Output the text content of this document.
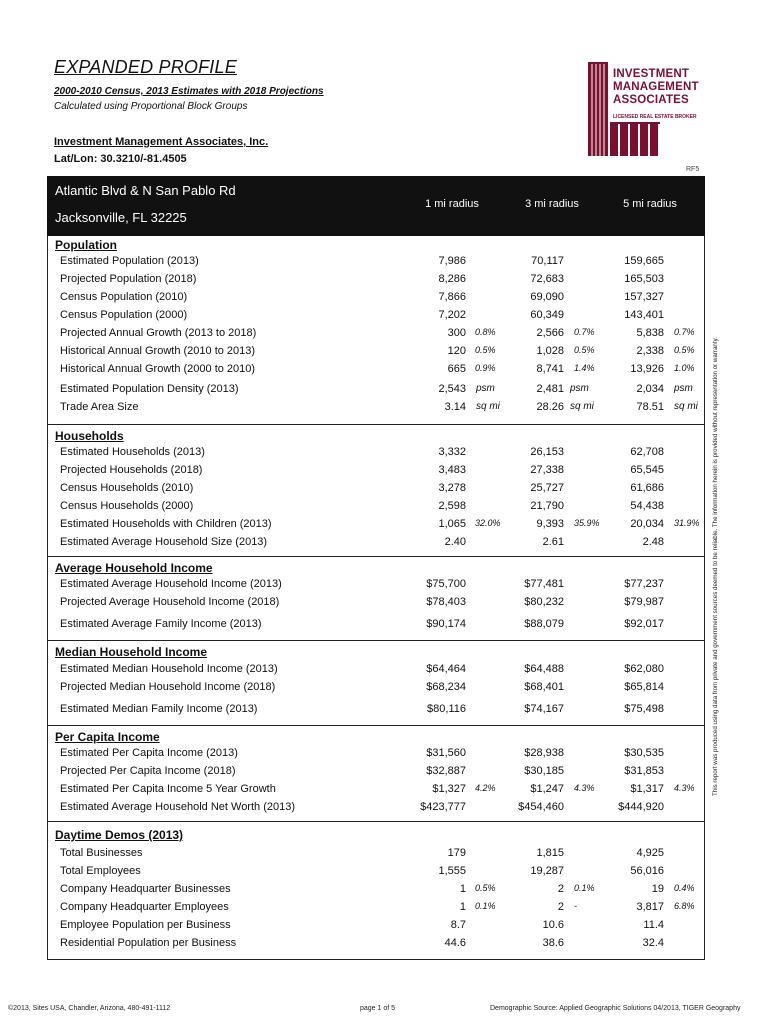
EXPANDED PROFILE
2000-2010 Census, 2013 Estimates with 2018 Projections
Calculated using Proportional Block Groups
Investment Management Associates, Inc.
Lat/Lon: 30.3210/-81.4505
RF5
INVESTMENT
MANAGEMENT
ASSOCIATES
LICENSED REAL ESTATE BROKER
Atlantic Blvd & N San Pablo Rd
Jacksonville, FL 32225
1 mi radius	3 mi radius	5 mi radius
Population
Estimated Population (2013)	7,986	70,117	159,665
Projected Population (2018)	8,286	72,683	165,503
Census Population (2010)	7,866	69,090	157,327
Census Population (2000)	7,202	60,349	143,401
Projected Annual Growth (2013 to 2018)	300 0.8%	2,566 0.7%	5,838 0.7%
Historical Annual Growth (2010 to 2013)	120 0.5%	1,028 0.5%	2,338 0.5%
Historical Annual Growth (2000 to 2010)	665 0.9%	8,741 1.4%	13,926 1.0%
Estimated Population Density (2013)	2,543 psm	2,481 psm	2,034 psm
Trade Area Size	3.14 sq mi	28.26 sq mi	78.51 sq mi
Households
Estimated Households (2013)	3,332	26,153	62,708
Projected Households (2018)	3,483	27,338	65,545
Census Households (2010)	3,278	25,727	61,686
Census Households (2000)	2,598	21,790	54,438
Estimated Households with Children (2013)	1,065 32.0%	9,393 35.9%	20,034 31.9%
Estimated Average Household Size (2013)	2.40	2.61	2.48
Average Household Income
Estimated Average Household Income (2013)	$75,700	$77,481	$77,237
Projected Average Household Income (2018)	$78,403	$80,232	$79,987
Estimated Average Family Income (2013)	$90,174	$88,079	$92,017
Median Household Income
Estimated Median Household Income (2013)	$64,464	$64,488	$62,080
Projected Median Household Income (2018)	$68,234	$68,401	$65,814
Estimated Median Family Income (2013)	$80,116	$74,167	$75,498
Per Capita Income
Estimated Per Capita Income (2013)	$31,560	$28,938	$30,535
Projected Per Capita Income (2018)	$32,887	$30,185	$31,853
Estimated Per Capita Income 5 Year Growth	$1,327 4.2%	$1,247 4.3%	$1,317 4.3%
Estimated Average Household Net Worth (2013)	$423,777	$454,460	$444,920
Daytime Demos (2013)
Total Businesses	179	1,815	4,925
Total Employees	1,555	19,287	56,016
Company Headquarter Businesses	1 0.5%	2 0.1%	19 0.4%
Company Headquarter Employees	1 0.1%	2 -	3,817 6.8%
Employee Population per Business	8.7	10.6	11.4
Residential Population per Business	44.6	38.6	32.4
This report was produced using data from private and government sources deemed to be reliable. The information herein is provided without representation or warranty.
©2013, Sites USA, Chandler, Arizona, 480-491-1112	page 1 of 5	Demographic Source: Applied Geographic Solutions 04/2013, TIGER Geography
